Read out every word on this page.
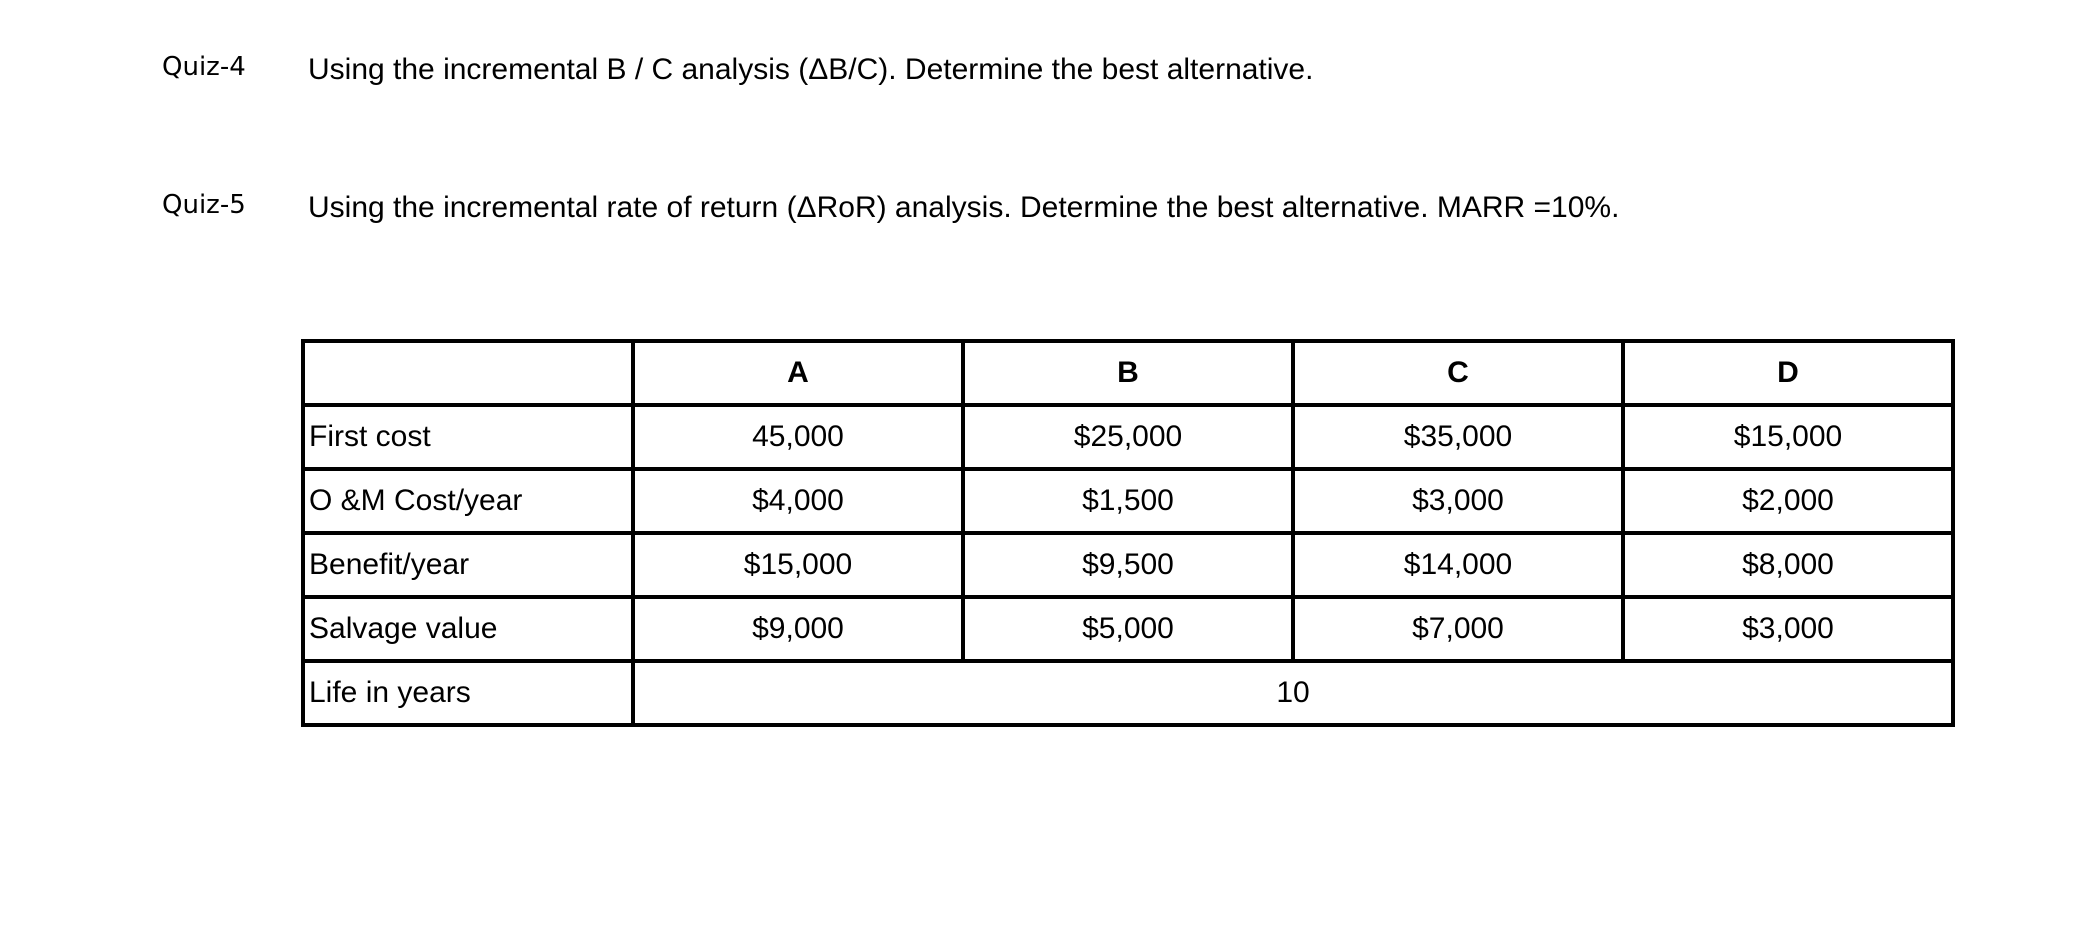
Quiz-4 Using the incremental B / C analysis (ΔB/C). Determine the best alternative.
Quiz-5 Using the incremental rate of return (ΔRoR) analysis. Determine the best alternative. MARR =10%.
	A	B	C	D
First cost	45,000	$25,000	$35,000	$15,000
O &M Cost/year	$4,000	$1,500	$3,000	$2,000
Benefit/year	$15,000	$9,500	$14,000	$8,000
Salvage value	$9,000	$5,000	$7,000	$3,000
Life in years	10			
